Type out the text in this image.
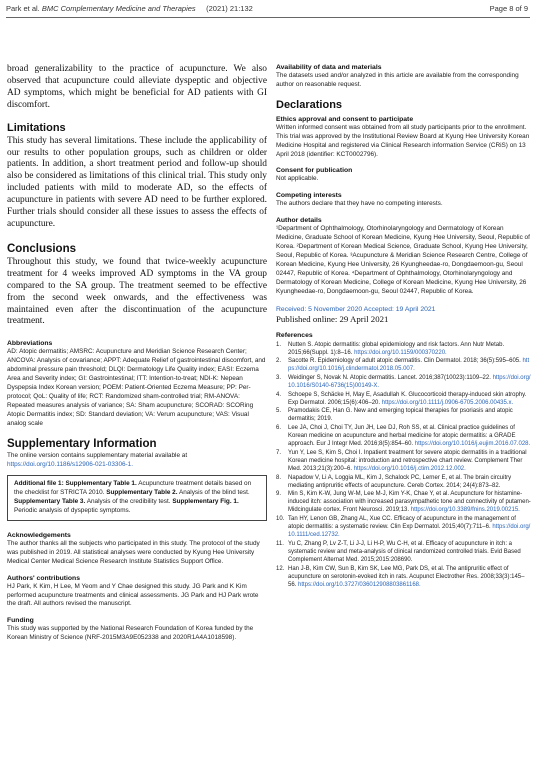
Park et al. BMC Complementary Medicine and Therapies (2021) 21:132	Page 8 of 9

broad generalizability to the practice of acupuncture. We also observed that acupuncture could alleviate dyspeptic and objective AD symptoms, which might be beneficial for AD patients with GI discomfort.

Limitations

This study has several limitations. These include the applicability of our results to other population groups, such as children or older patients. In addition, a short treatment period and follow-up should also be considered as limitations of this clinical trial. This study only included patients with mild to moderate AD, so the effects of acupuncture in patients with severe AD need to be further explored. Further trials should consider all these issues to assess the effects of acupuncture.

Conclusions

Throughout this study, we found that twice-weekly acupuncture treatment for 4 weeks improved AD symptoms in the VA group compared to the SA group. The treatment seemed to be effective from the second week onwards, and the effectiveness was maintained even after the discontinuation of the acupuncture treatment.

Abbreviations
AD: Atopic dermatitis; AMSRC: Acupuncture and Meridian Science Research Center; ANCOVA: Analysis of covariance; APPT: Adequate Relief of gastrointestinal discomfort, and abdominal pressure pain threshold; DLQI: Dermatology Life Quality index; EASI: Eczema Area and Severity index; GI: Gastrointestinal; ITT: Intention-to-treat; NDI-K: Nepean Dyspepsia Index Korean version; POEM: Patient-Oriented Eczema Measure; PP: Per-protocol; QoL: Quality of life; RCT: Randomized sham-controlled trial; RM-ANOVA: Repeated measures analysis of variance; SA: Sham acupuncture; SCORAD: SCORing Atopic Dermatitis index; SD: Standard deviation; VA: Verum acupuncture; VAS: Visual analog scale
Supplementary Information
The online version contains supplementary material available at https://doi.org/10.1186/s12906-021-03306-1.
Additional file 1: Supplementary Table 1. Acupuncture treatment details based on the checklist for STRICTA 2010. Supplementary Table 2. Analysis of the blind test. Supplementary Table 3. Analysis of the credibility test. Supplementary Fig. 1. Periodic analysis of dyspeptic symptoms.
Acknowledgements
The author thanks all the subjects who participated in this study. The protocol of the study was published in 2019. All statistical analyses were conducted by Kyung Hee University Medical Center Medical Science Research Institute Statistics Support Office.
Authors' contributions
HJ Park, K Kim, H Lee, M Yeom and Y Chae designed this study. JG Park and K Kim performed acupuncture treatments and clinical assessments. JG Park and HJ Park wrote the draft. All authors revised the manuscript.
Funding
This study was supported by the National Research Foundation of Korea funded by the Korean Ministry of Science (NRF-2015M3A9E052338 and 2020R1A4A1018598).
Availability of data and materials
The datasets used and/or analyzed in this article are available from the corresponding author on reasonable request.
Declarations
Ethics approval and consent to participate
Written informed consent was obtained from all study participants prior to the enrollment. This trial was approved by the Institutional Review Board at Kyung Hee University Korean Medicine Hospital and registered via Clinical Research information Service (CRiS) on 13 April 2018 (identifier: KCT0002796).
Consent for publication
Not applicable.
Competing interests
The authors declare that they have no competing interests.
Author details
¹Department of Ophthalmology, Otorhinolaryngology and Dermatology of Korean Medicine, Graduate School of Korean Medicine, Kyung Hee University, Seoul, Republic of Korea. ²Department of Korean Medical Science, Graduate School, Kyung Hee University, Seoul, Republic of Korea. ³Acupuncture & Meridian Science Research Centre, College of Korean Medicine, Kyung Hee University, 26 Kyungheedae-ro, Dongdaemoon-gu, Seoul 02447, Republic of Korea. ⁴Department of Ophthalmology, Otorhinolaryngology and Dermatology of Korean Medicine, College of Korean Medicine, Kyung Hee University, 26 Kyungheedae-ro, Dongdaemoon-gu, Seoul 02447, Republic of Korea.
Received: 5 November 2020 Accepted: 19 April 2021
Published online: 29 April 2021
References
1.	Nutten S. Atopic dermatitis: global epidemiology and risk factors. Ann Nutr Metab. 2015;66(Suppl. 1):8–16. https://doi.org/10.1159/000370220.
2.	Sacotte R. Epidemiology of adult atopic dermatitis. Clin Dermatol. 2018; 36(5):595–605. https://doi.org/10.1016/j.clindermatol.2018.05.007.
3.	Weidinger S, Novak N. Atopic dermatitis. Lancet. 2016;387(10023):1109–22. https://doi.org/10.1016/S0140-6736(15)00149-X.
4.	Schoepe S, Schäcke H, May E, Asadullah K. Glucocorticoid therapy-induced skin atrophy. Exp Dermatol. 2006;15(6):406–20. https://doi.org/10.1111/j.0906-6705.2006.00435.x.
5.	Pramodakis CE, Han G. New and emerging topical therapies for psoriasis and atopic dermatitis; 2019.
6.	Lee JA, Choi J, Choi TY, Jun JH, Lee DJ, Roh SS, et al. Clinical practice guidelines of Korean medicine on acupuncture and herbal medicine for atopic dermatitis: a GRADE approach. Eur J Integr Med. 2016;8(5):854–60. https://doi.org/10.1016/j.eujim.2016.07.028.
7.	Yun Y, Lee S, Kim S, Choi I. Inpatient treatment for severe atopic dermatitis in a traditional Korean medicine hospital: introduction and retrospective chart review. Complement Ther Med. 2013;21(3):200–6. https://doi.org/10.1016/j.ctim.2012.12.002.
8.	Napadow V, Li A, Loggia ML, Kim J, Schalock PC, Lerner E, et al. The brain circuitry mediating antipruritic effects of acupuncture. Cereb Cortex. 2014; 24(4):873–82.
9.	Min S, Kim K-W, Jung W-M, Lee M-J, Kim Y-K, Chae Y, et al. Acupuncture for histamine-induced itch: association with increased parasympathetic tone and connectivity of putamen-Midcingulate cortex. Front Neurosci. 2019;13. https://doi.org/10.3389/fnins.2019.00215.
10. Tan HY, Lenon GB, Zhang AL, Xue CC. Efficacy of acupuncture in the management of atopic dermatitis: a systematic review. Clin Exp Dermatol. 2015;40(7):711–6. https://doi.org/10.1111/ced.12732.
11. Yu C, Zhang P, Lv Z-T, Li J-J, Li H-P, Wu C-H, et al. Efficacy of acupuncture in itch: a systematic review and meta-analysis of clinical randomized controlled trials. Evid Based Complement Alternat Med. 2015;2015:208690.
12. Han J-B, Kim CW, Sun B, Kim SK, Lee MG, Park DS, et al. The antipruritic effect of acupuncture on serotonin-evoked itch in rats. Acupunct Electrother Res. 2008;33(3):145–56. https://doi.org/10.3727/036012908803861168.
